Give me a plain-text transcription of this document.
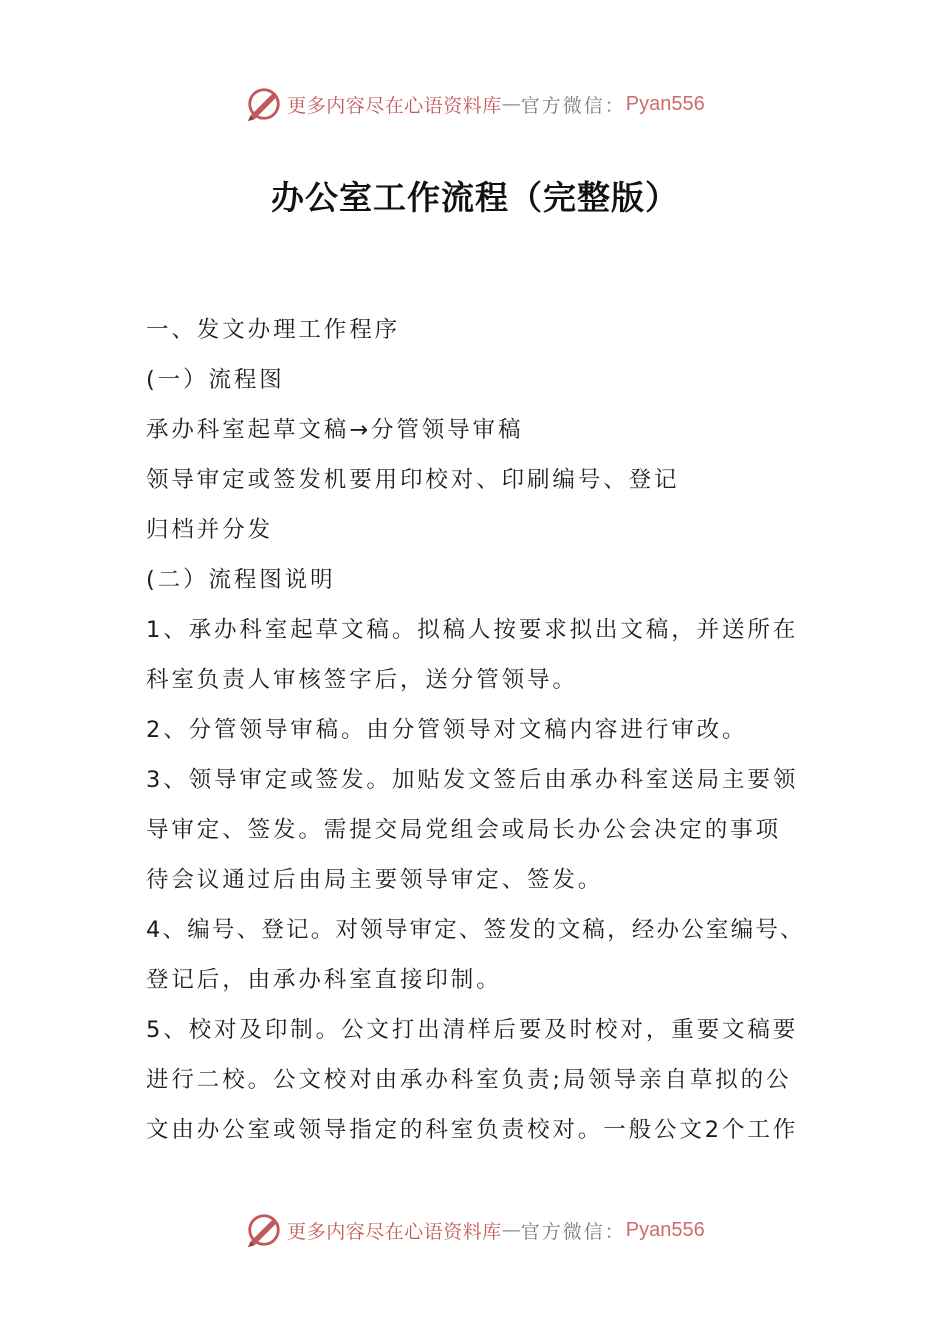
更多内容尽在心语资料库 — 官方微信： Pyan556
办公室工作流程（完整版）
一、发文办理工作程序
(一）流程图
承办科室起草文稿→分管领导审稿
领导审定或签发机要用印校对、印刷编号、登记
归档并分发
(二）流程图说明
1、承办科室起草文稿。拟稿人按要求拟出文稿，并送所在
科室负责人审核签字后，送分管领导。
2、分管领导审稿。由分管领导对文稿内容进行审改。
3、领导审定或签发。加贴发文签后由承办科室送局主要领
导审定、签发。需提交局党组会或局长办公会决定的事项
待会议通过后由局主要领导审定、签发。
4、编号、登记。对领导审定、签发的文稿，经办公室编号、
登记后，由承办科室直接印制。
5、校对及印制。公文打出清样后要及时校对，重要文稿要
进行二校。公文校对由承办科室负责;局领导亲自草拟的公
文由办公室或领导指定的科室负责校对。一般公文2个工作
更多内容尽在心语资料库 — 官方微信： Pyan556
